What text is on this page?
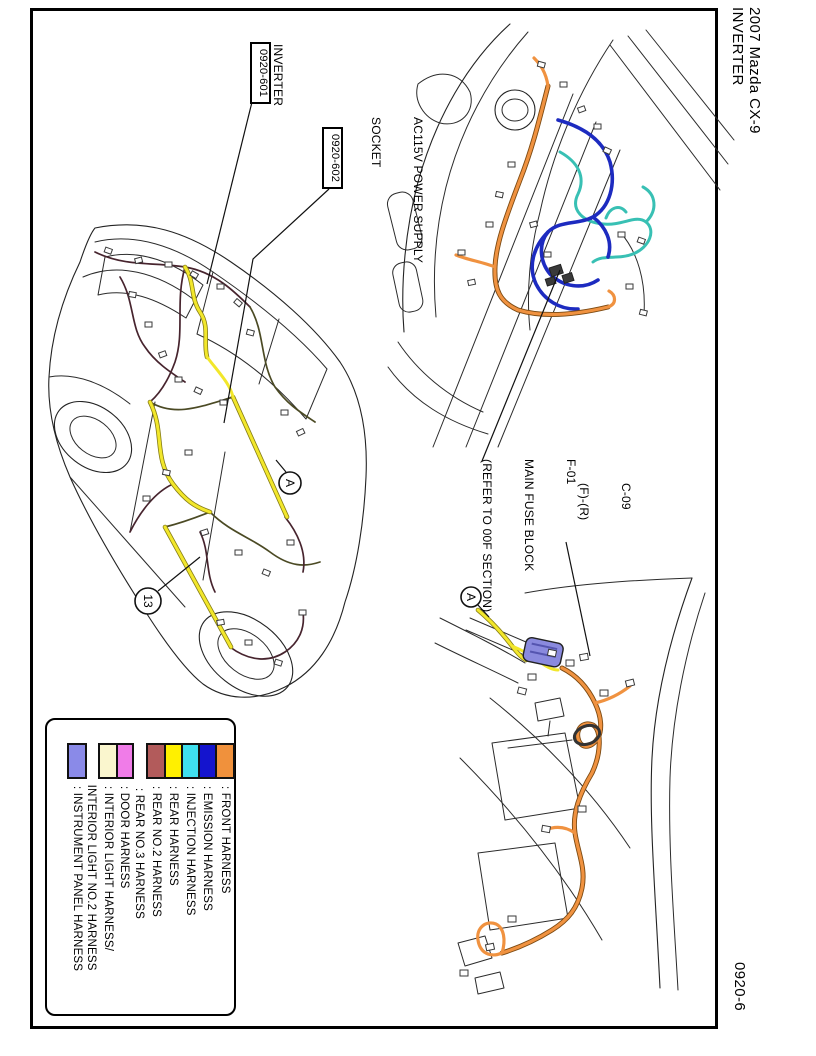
2007 Mazda CX-9
INVERTER
0920-6
A
A
13
INVERTER
0920-601

AC115V POWER SUPPLY

SOCKET

0920-602

F-01

MAIN FUSE BLOCK

(REFER TO 00F SECTION)

	C-09

(F)-(R)

: FRONT HARNESS

: EMISSION HARNESS

: INJECTION HARNESS

: REAR HARNESS

: REAR NO.2 HARNESS

: REAR NO.3 HARNESS

: DOOR HARNESS

: INTERIOR LIGHT HARNESS/

INTERIOR LIGHT NO.2 HARNESS

: INSTRUMENT PANEL HARNESS
